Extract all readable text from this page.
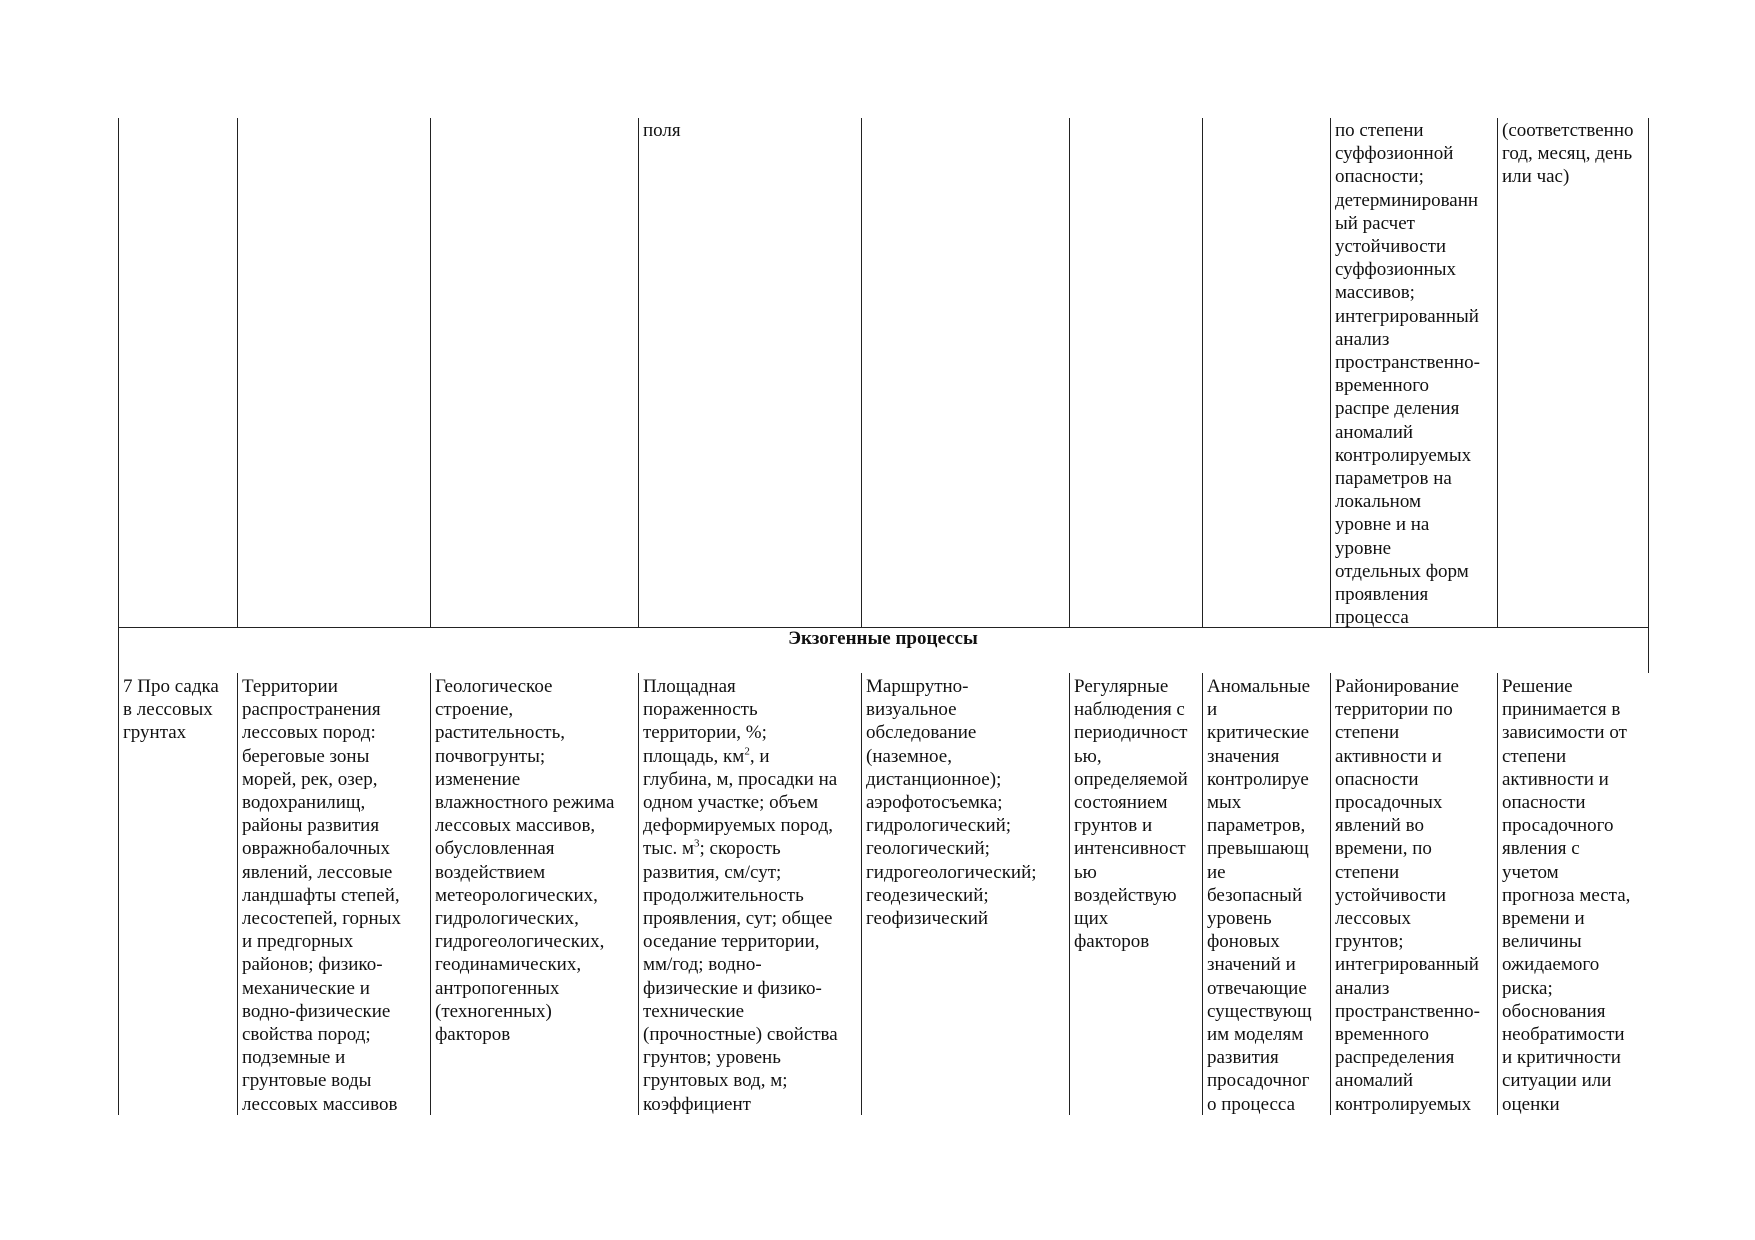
поля	по степени
суффозионной
опасности;
детерминированн
ый расчет
устойчивости
суффозионных
массивов;
интегрированный
анализ
пространственно-
временного
распре деления
аномалий
контролируемых
параметров на
локальном
уровне и на
уровне
отдельных форм
проявления
процесса
(соответственно
год, месяц, день
или час)
Экзогенные процессы
7 Про садка
в лессовых
грунтах
Территории
распространения
лессовых пород:
береговые зоны
морей, рек, озер,
водохранилищ,
районы развития
овражнобалочных
явлений, лессовые
ландшафты степей,
лесостепей, горных
и предгорных
районов; физико-
механические и
водно-физические
свойства пород;
подземные и
грунтовые воды
лессовых массивов
Геологическое
строение,
растительность,
почвогрунты;
изменение
влажностного режима
лессовых массивов,
обусловленная
воздействием
метеорологических,
гидрологических,
гидрогеологических,
геодинамических,
антропогенных
(техногенных)
факторов
Площадная
пораженность
территории, %;
площадь, $км^2$, и
глубина, м, просадки на
одном участке; объем
деформируемых пород,
тыс. $м^3$; скорость
развития, см/сут;
продолжительность
проявления, сут; общее
оседание территории,
мм/год; водно-
физические и физико-
технические
(прочностные) свойства
грунтов; уровень
грунтовых вод, м;
коэффициент
Маршрутно-
визуальное
обследование
(наземное,
дистанционное);
аэрофотосъемка;
гидрологический;
геологический;
гидрогеологический;
геодезический;
геофизический
Регулярные
наблюдения с
периодичност
ью,
определяемой
состоянием
грунтов и
интенсивност
ью
воздействую
щих
факторов
Аномальные
и
критические
значения
контролируе
мых
параметров,
превышающ
ие
безопасный
уровень
фоновых
значений и
отвечающие
существующ
им моделям
развития
просадочног
о процесса
Районирование
территории по
степени
активности и
опасности
просадочных
явлений во
времени, по
степени
устойчивости
лессовых
грунтов;
интегрированный
анализ
пространственно-
временного
распределения
аномалий
контролируемых
Решение
принимается в
зависимости от
степени
активности и
опасности
просадочного
явления с
учетом
прогноза места,
времени и
величины
ожидаемого
риска;
обоснования
необратимости
и критичности
ситуации или
оценки
